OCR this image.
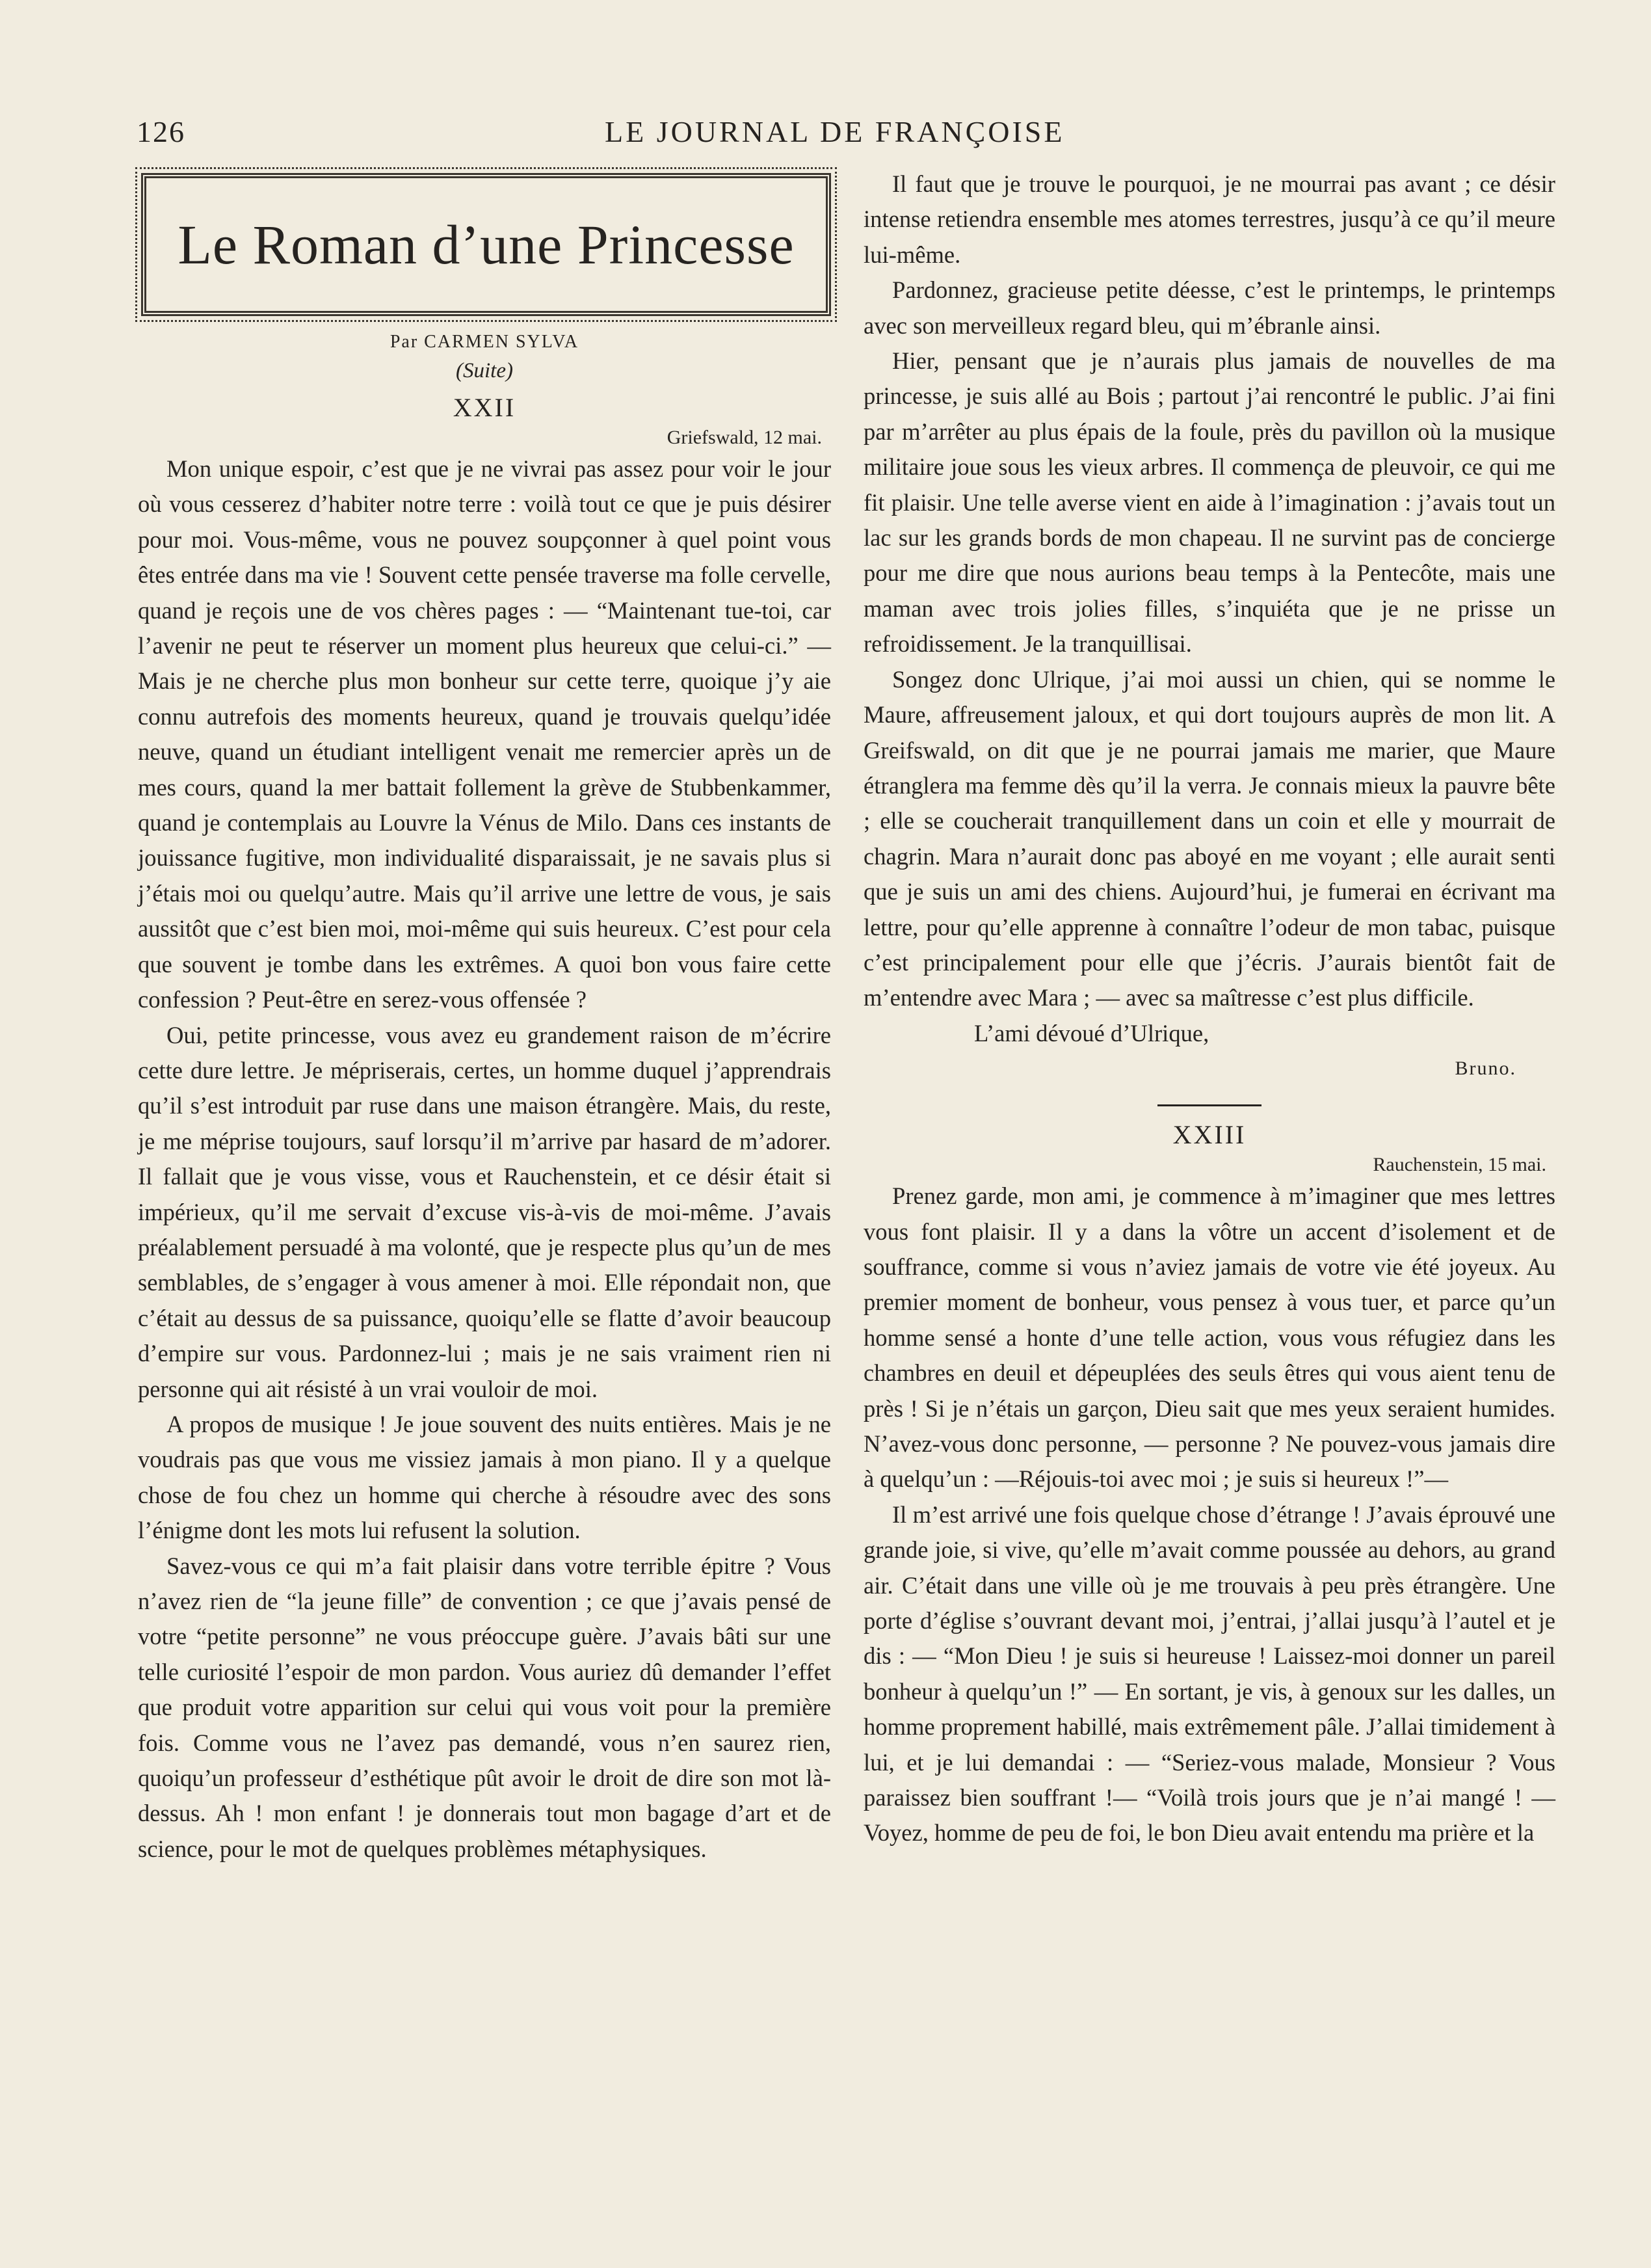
126	LE JOURNAL DE FRANÇOISE
Le Roman d’une Princesse
Par CARMEN SYLVA
(Suite)
XXII
Griefswald, 12 mai.

Mon unique espoir, c’est que je ne vivrai pas assez pour voir le jour où vous cesserez d’habiter notre terre : voilà tout ce que je puis désirer pour moi. Vous-même, vous ne pouvez soupçonner à quel point vous êtes entrée dans ma vie ! Souvent cette pensée traverse ma folle cervelle, quand je reçois une de vos chères pages : — “Maintenant tue-toi, car l’avenir ne peut te réserver un moment plus heureux que celui-ci.” — Mais je ne cherche plus mon bonheur sur cette terre, quoique j’y aie connu autrefois des moments heureux, quand je trouvais quelqu’idée neuve, quand un étudiant intelligent venait me remercier après un de mes cours, quand la mer battait follement la grève de Stubbenkammer, quand je contemplais au Louvre la Vénus de Milo. Dans ces instants de jouissance fugitive, mon individualité disparaissait, je ne savais plus si j’étais moi ou quelqu’autre. Mais qu’il arrive une lettre de vous, je sais aussitôt que c’est bien moi, moi-même qui suis heureux. C’est pour cela que souvent je tombe dans les extrêmes. A quoi bon vous faire cette confession ? Peut-être en serez-vous offensée ?

Oui, petite princesse, vous avez eu grandement raison de m’écrire cette dure lettre. Je mépriserais, certes, un homme duquel j’apprendrais qu’il s’est introduit par ruse dans une maison étrangère. Mais, du reste, je me méprise toujours, sauf lorsqu’il m’arrive par hasard de m’adorer. Il fallait que je vous visse, vous et Rauchenstein, et ce désir était si impérieux, qu’il me servait d’excuse vis-à-vis de moi-même. J’avais préalablement persuadé à ma volonté, que je respecte plus qu’un de mes semblables, de s’engager à vous amener à moi. Elle répondait non, que c’était au dessus de sa puissance, quoiqu’elle se flatte d’avoir beaucoup d’empire sur vous. Pardonnez-lui ; mais je ne sais vraiment rien ni personne qui ait résisté à un vrai vouloir de moi.

A propos de musique ! Je joue souvent des nuits entières. Mais je ne voudrais pas que vous me vissiez jamais à mon piano. Il y a quelque chose de fou chez un homme qui cherche à résoudre avec des sons l’énigme dont les mots lui refusent la solution.

Savez-vous ce qui m’a fait plaisir dans votre terrible épitre ? Vous n’avez rien de “la jeune fille” de convention ; ce que j’avais pensé de votre “petite personne” ne vous préoccupe guère. J’avais bâti sur une telle curiosité l’espoir de mon pardon. Vous auriez dû demander l’effet que produit votre apparition sur celui qui vous voit pour la première fois. Comme vous ne l’avez pas demandé, vous n’en saurez rien, quoiqu’un professeur d’esthétique pût avoir le droit de dire son mot là-dessus. Ah ! mon enfant ! je donnerais tout mon bagage d’art et de science, pour le mot de quelques problèmes métaphysiques.

Il faut que je trouve le pourquoi, je ne mourrai pas avant ; ce désir intense retiendra ensemble mes atomes terrestres, jusqu’à ce qu’il meure lui-même.

Pardonnez, gracieuse petite déesse, c’est le printemps, le printemps avec son merveilleux regard bleu, qui m’ébranle ainsi.

Hier, pensant que je n’aurais plus jamais de nouvelles de ma princesse, je suis allé au Bois ; partout j’ai rencontré le public. J’ai fini par m’arrêter au plus épais de la foule, près du pavillon où la musique militaire joue sous les vieux arbres. Il commença de pleuvoir, ce qui me fit plaisir. Une telle averse vient en aide à l’imagination : j’avais tout un lac sur les grands bords de mon chapeau. Il ne survint pas de concierge pour me dire que nous aurions beau temps à la Pentecôte, mais une maman avec trois jolies filles, s’inquiéta que je ne prisse un refroidissement. Je la tranquillisai.

Songez donc Ulrique, j’ai moi aussi un chien, qui se nomme le Maure, affreusement jaloux, et qui dort toujours auprès de mon lit. A Greifswald, on dit que je ne pourrai jamais me marier, que Maure étranglera ma femme dès qu’il la verra. Je connais mieux la pauvre bête ; elle se coucherait tranquillement dans un coin et elle y mourrait de chagrin. Mara n’aurait donc pas aboyé en me voyant ; elle aurait senti que je suis un ami des chiens. Aujourd’hui, je fumerai en écrivant ma lettre, pour qu’elle apprenne à connaître l’odeur de mon tabac, puisque c’est principalement pour elle que j’écris. J’aurais bientôt fait de m’entendre avec Mara ; — avec sa maîtresse c’est plus difficile.

L’ami dévoué d’Ulrique,
Bruno.
XXIII
Rauchenstein, 15 mai.

Prenez garde, mon ami, je commence à m’imaginer que mes lettres vous font plaisir. Il y a dans la vôtre un accent d’isolement et de souffrance, comme si vous n’aviez jamais de votre vie été joyeux. Au premier moment de bonheur, vous pensez à vous tuer, et parce qu’un homme sensé a honte d’une telle action, vous vous réfugiez dans les chambres en deuil et dépeuplées des seuls êtres qui vous aient tenu de près ! Si je n’étais un garçon, Dieu sait que mes yeux seraient humides. N’avez-vous donc personne, — personne ? Ne pouvez-vous jamais dire à quelqu’un : —Réjouis-toi avec moi ; je suis si heureux !”—

Il m’est arrivé une fois quelque chose d’étrange ! J’avais éprouvé une grande joie, si vive, qu’elle m’avait comme poussée au dehors, au grand air. C’était dans une ville où je me trouvais à peu près étrangère. Une porte d’église s’ouvrant devant moi, j’entrai, j’allai jusqu’à l’autel et je dis : — “Mon Dieu ! je suis si heureuse ! Laissez-moi donner un pareil bonheur à quelqu’un !” — En sortant, je vis, à genoux sur les dalles, un homme proprement habillé, mais extrêmement pâle. J’allai timidement à lui, et je lui demandai : — “Seriez-vous malade, Monsieur ? Vous paraissez bien souffrant !— “Voilà trois jours que je n’ai mangé ! — Voyez, homme de peu de foi, le bon Dieu avait entendu ma prière et la
